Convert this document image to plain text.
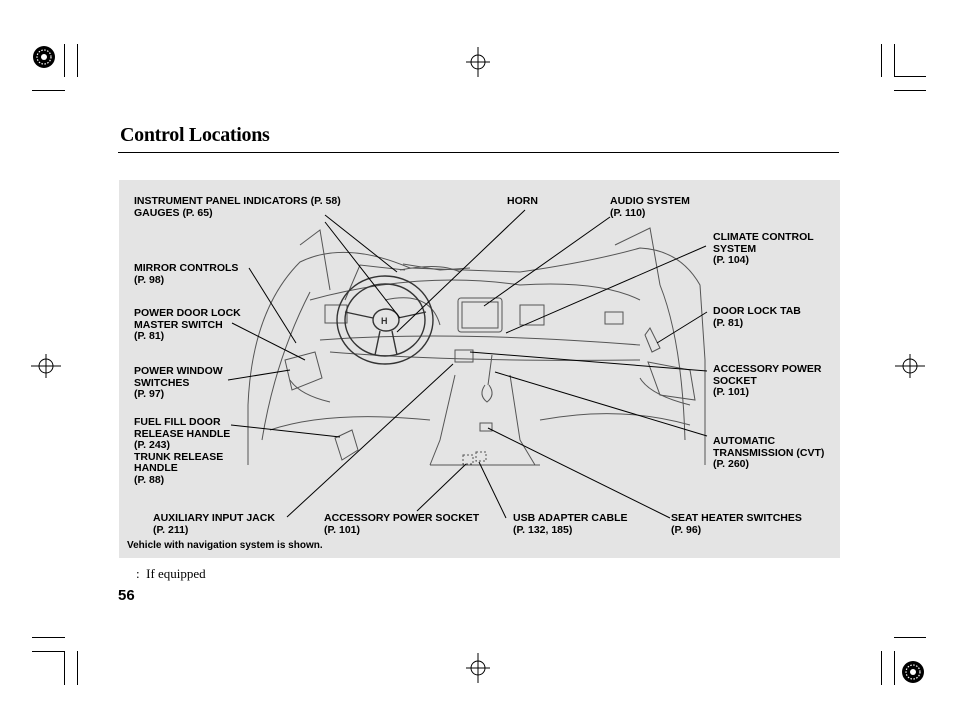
Control Locations
H
INSTRUMENT PANEL INDICATORS (P. 58)
GAUGES (P. 65)
HORN	AUDIO SYSTEM
(P. 110)
CLIMATE CONTROL
SYSTEM
(P. 104)
MIRROR CONTROLS
(P. 98)
DOOR LOCK TAB
(P. 81)
POWER DOOR LOCK
MASTER SWITCH
(P. 81)
POWER WINDOW
SWITCHES
(P. 97)
ACCESSORY POWER
SOCKET
(P. 101)
FUEL FILL DOOR
RELEASE HANDLE
(P. 243)
TRUNK RELEASE
HANDLE
(P. 88)
AUTOMATIC
TRANSMISSION (CVT)
(P. 260)
AUXILIARY INPUT JACK
(P. 211)
ACCESSORY POWER SOCKET
(P. 101)
USB ADAPTER CABLE
(P. 132, 185)
SEAT HEATER SWITCHES
(P. 96)
Vehicle with navigation system is shown.
:  If equipped
56
